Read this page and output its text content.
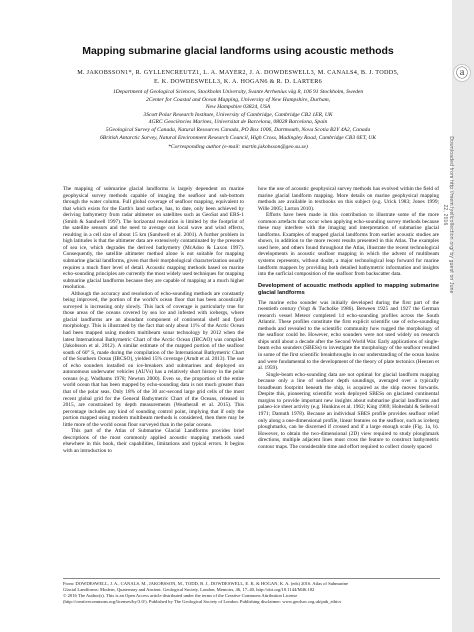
ⓐ
Downloaded from http://mem.lyellcollection.org/ by guest on June 22, 2016
Mapping submarine glacial landforms using acoustic methods
M. JAKOBSSON1*, R. GYLLENCREUTZ1, L. A. MAYER2, J. A. DOWDESWELL3, M. CANALS4, B. J. TODD5,
E. K. DOWDESWELL3, K. A. HOGAN6 & R. D. LARTER6
1Department of Geological Sciences, Stockholm University, Svante Arrhenius väg 8, 106 91 Stockholm, Sweden
2Center for Coastal and Ocean Mapping, University of New Hampshire, Durham,
New Hampshire 03824, USA
3Scott Polar Research Institute, University of Cambridge, Cambridge CB2 1ER, UK
4GRC Geociències Marines, Universitat de Barcelona, 08028 Barcelona, Spain
5Geological Survey of Canada, Natural Resources Canada, PO Box 1006, Dartmouth, Nova Scotia B2Y 4A2, Canada
6British Antarctic Survey, Natural Environment Research Council, High Cross, Madingley Road, Cambridge CB3 0ET, UK
*Corresponding author (e-mail: martin.jakobsson@geo.su.se)

The mapping of submarine glacial landforms is largely dependent on marine geophysical survey methods capable of imaging the seafloor and sub-bottom through the water column. Full global coverage of seafloor mapping, equivalent to that which exists for the Earth's land surface, has, to date, only been achieved by deriving bathymetry from radar altimeter on satellites such as GeoSat and ERS-1 (Smith & Sandwell 1997). The horizontal resolution is limited by the footprint of the satellite sensors and the need to average out local wave and wind effects, resulting in a cell size of about 15 km (Sandwell et al. 2001). A further problem in high latitudes is that the altimeter data are extensively contaminated by the presence of sea ice, which degrades the derived bathymetry (McAdoo & Laxon 1997). Consequently, the satellite altimeter method alone is not suitable for mapping submarine glacial landforms, given that their morphological characterization usually requires a much finer level of detail. Acoustic mapping methods based on marine echo-sounding principles are currently the most widely used techniques for mapping submarine glacial landforms because they are capable of mapping at a much higher resolution.

Although the accuracy and resolution of echo-sounding methods are constantly being improved, the portion of the world's ocean floor that has been acoustically surveyed is increasing only slowly. This lack of coverage is particularly true for those areas of the oceans covered by sea ice and infested with icebergs, where glacial landforms are an abundant component of continental shelf and fjord morphology. This is illustrated by the fact that only about 11% of the Arctic Ocean had been mapped using modern multibeam sonar technology by 2012 when the latest International Bathymetric Chart of the Arctic Ocean (IBCAO) was compiled (Jakobsson et al. 2012). A similar estimate of the mapped portion of the seafloor south of 60° S, made during the compilation of the International Bathymetric Chart of the Southern Ocean (IBCSO), yielded 15% coverage (Arndt et al. 2013). The use of echo sounders installed on ice-breakers and submarines and deployed on autonomous underwater vehicles (AUVs) has a relatively short history in the polar oceans (e.g. Wadhams 1978; Newton 2000). Even so, the proportion of the entire world ocean that has been mapped by echo-sounding data is not much greater than that of the polar seas. Only 18% of the 30 arc-second large grid cells of the most recent global grid for the General Bathymetric Chart of the Oceans, released in 2015, are constrained by depth measurements (Weatherall et al. 2015). This percentage includes any kind of sounding control point, implying that if only the portion mapped using modern multibeam methods is considered, then there may be little more of the world ocean floor surveyed than in the polar oceans.

This part of the Atlas of Submarine Glacial Landforms provides brief descriptions of the most commonly applied acoustic mapping methods used elsewhere in this book, their capabilities, limitations and typical errors. It begins with an introduction to

how the use of acoustic geophysical survey methods has evolved within the field of marine glacial landform mapping. More details on marine geophysical mapping methods are available in textbooks on this subject (e.g. Urick 1983; Jones 1999; Wille 2005; Lurton 2010).

Efforts have been made in this contribution to illustrate some of the more common artefacts that occur when applying echo-sounding survey methods because these may interfere with the imaging and interpretation of submarine glacial landforms. Examples of mapped glacial landforms from earlier acoustic studies are shown, in addition to the more recent results presented in this Atlas. The examples used here, and others found throughout the Atlas, illustrate the recent technological developments in acoustic seafloor mapping in which the advent of multibeam systems represents, without doubt, a major technological leap forward for marine landform mappers by providing both detailed bathymetric information and insights into the surficial composition of the seafloor from backscatter data.

Development of acoustic methods applied to mapping submarine glacial landforms

The marine echo sounder was initially developed during the first part of the twentieth century (Vogt & Tucholke 1986). Between 1925 and 1927 the German research vessel Meteor completed 14 echo-sounding profiles across the South Atlantic. These profiles constitute the first explicit scientific use of echo-sounding methods and revealed to the scientific community how rugged the morphology of the seafloor could be. However, echo sounders were not used widely on research ships until about a decade after the Second World War. Early applications of single-beam echo sounders (SBESs) to investigate the morphology of the seafloor resulted in some of the first scientific breakthroughs in our understanding of the ocean basins and were fundamental to the development of the theory of plate tectonics (Heezen et al. 1959).

Single-beam echo-sounding data are not optimal for glacial landform mapping because only a line of seafloor depth soundings, averaged over a typically broadbeam footprint beneath the ship, is acquired as the ship moves forwards. Despite this, pioneering scientific work deployed SBESs on glaciated continental margins to provide important new insights about submarine glacial landforms and palaeo-ice sheet activity (e.g. Hunkins et al. 1962; King 1969; Holtedahl & Sellevoll 1971; Damuth 1978). Because an individual SBES profile provides seafloor relief only along a one-dimensional profile, linear features on the seafloor, such as iceberg ploughmarks, can be discerned if crossed and if a large enough scale (Fig. 1a, b). However, to obtain the two-dimensional (2D) view required to study ploughmark directions, multiple adjacent lines must cross the feature to construct bathymetric contour maps. The considerable time and effort required to collect closely spaced

From: DOWDESWELL, J. A., CANALS, M., JAKOBSSON, M., TODD, B. J., DOWDESWELL, E. K. & HOGAN, K. A. (eds) 2016. Atlas of Submarine
Glacial Landforms: Modern, Quaternary and Ancient. Geological Society, London, Memoirs, 46, 17–40, http://doi.org/10.1144/M46.182
© 2016 The Author(s). This is an Open Access article distributed under the terms of the Creative Commons Attribution License
(http://creativecommons.org/licenses/by/3.0/). Published by The Geological Society of London. Publishing disclaimer: www.geolsoc.org.uk/pub_ethics
